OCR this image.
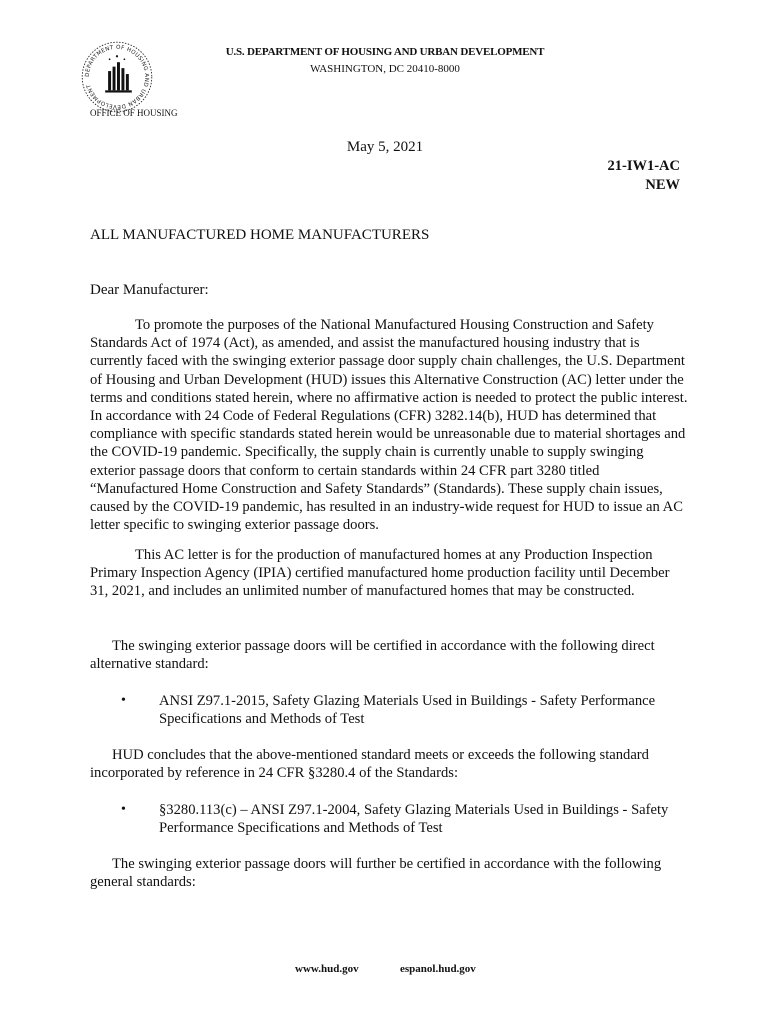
DEPARTMENT OF HOUSING AND URBAN DEVELOPMENT
U.S. DEPARTMENT OF HOUSING AND URBAN DEVELOPMENT
WASHINGTON, DC 20410-8000
OFFICE OF HOUSING
May 5, 2021
21-IW1-AC
NEW
ALL MANUFACTURED HOME MANUFACTURERS
Dear Manufacturer:
To promote the purposes of the National Manufactured Housing Construction and Safety Standards Act of 1974 (Act), as amended, and assist the manufactured housing industry that is currently faced with the swinging exterior passage door supply chain challenges, the U.S. Department of Housing and Urban Development (HUD) issues this Alternative Construction (AC) letter under the terms and conditions stated herein, where no affirmative action is needed to protect the public interest. In accordance with 24 Code of Federal Regulations (CFR) 3282.14(b), HUD has determined that compliance with specific standards stated herein would be unreasonable due to material shortages and the COVID-19 pandemic. Specifically, the supply chain is currently unable to supply swinging exterior passage doors that conform to certain standards within 24 CFR part 3280 titled “Manufactured Home Construction and Safety Standards” (Standards). These supply chain issues, caused by the COVID-19 pandemic, has resulted in an industry-wide request for HUD to issue an AC letter specific to swinging exterior passage doors.
This AC letter is for the production of manufactured homes at any Production Inspection Primary Inspection Agency (IPIA) certified manufactured home production facility until December 31, 2021, and includes an unlimited number of manufactured homes that may be constructed.
The swinging exterior passage doors will be certified in accordance with the following direct alternative standard:
• ANSI Z97.1-2015, Safety Glazing Materials Used in Buildings - Safety Performance Specifications and Methods of Test
HUD concludes that the above-mentioned standard meets or exceeds the following standard incorporated by reference in 24 CFR §3280.4 of the Standards:
• §3280.113(c) – ANSI Z97.1-2004, Safety Glazing Materials Used in Buildings - Safety Performance Specifications and Methods of Test
The swinging exterior passage doors will further be certified in accordance with the following general standards:
www.hud.gov	espanol.hud.gov
